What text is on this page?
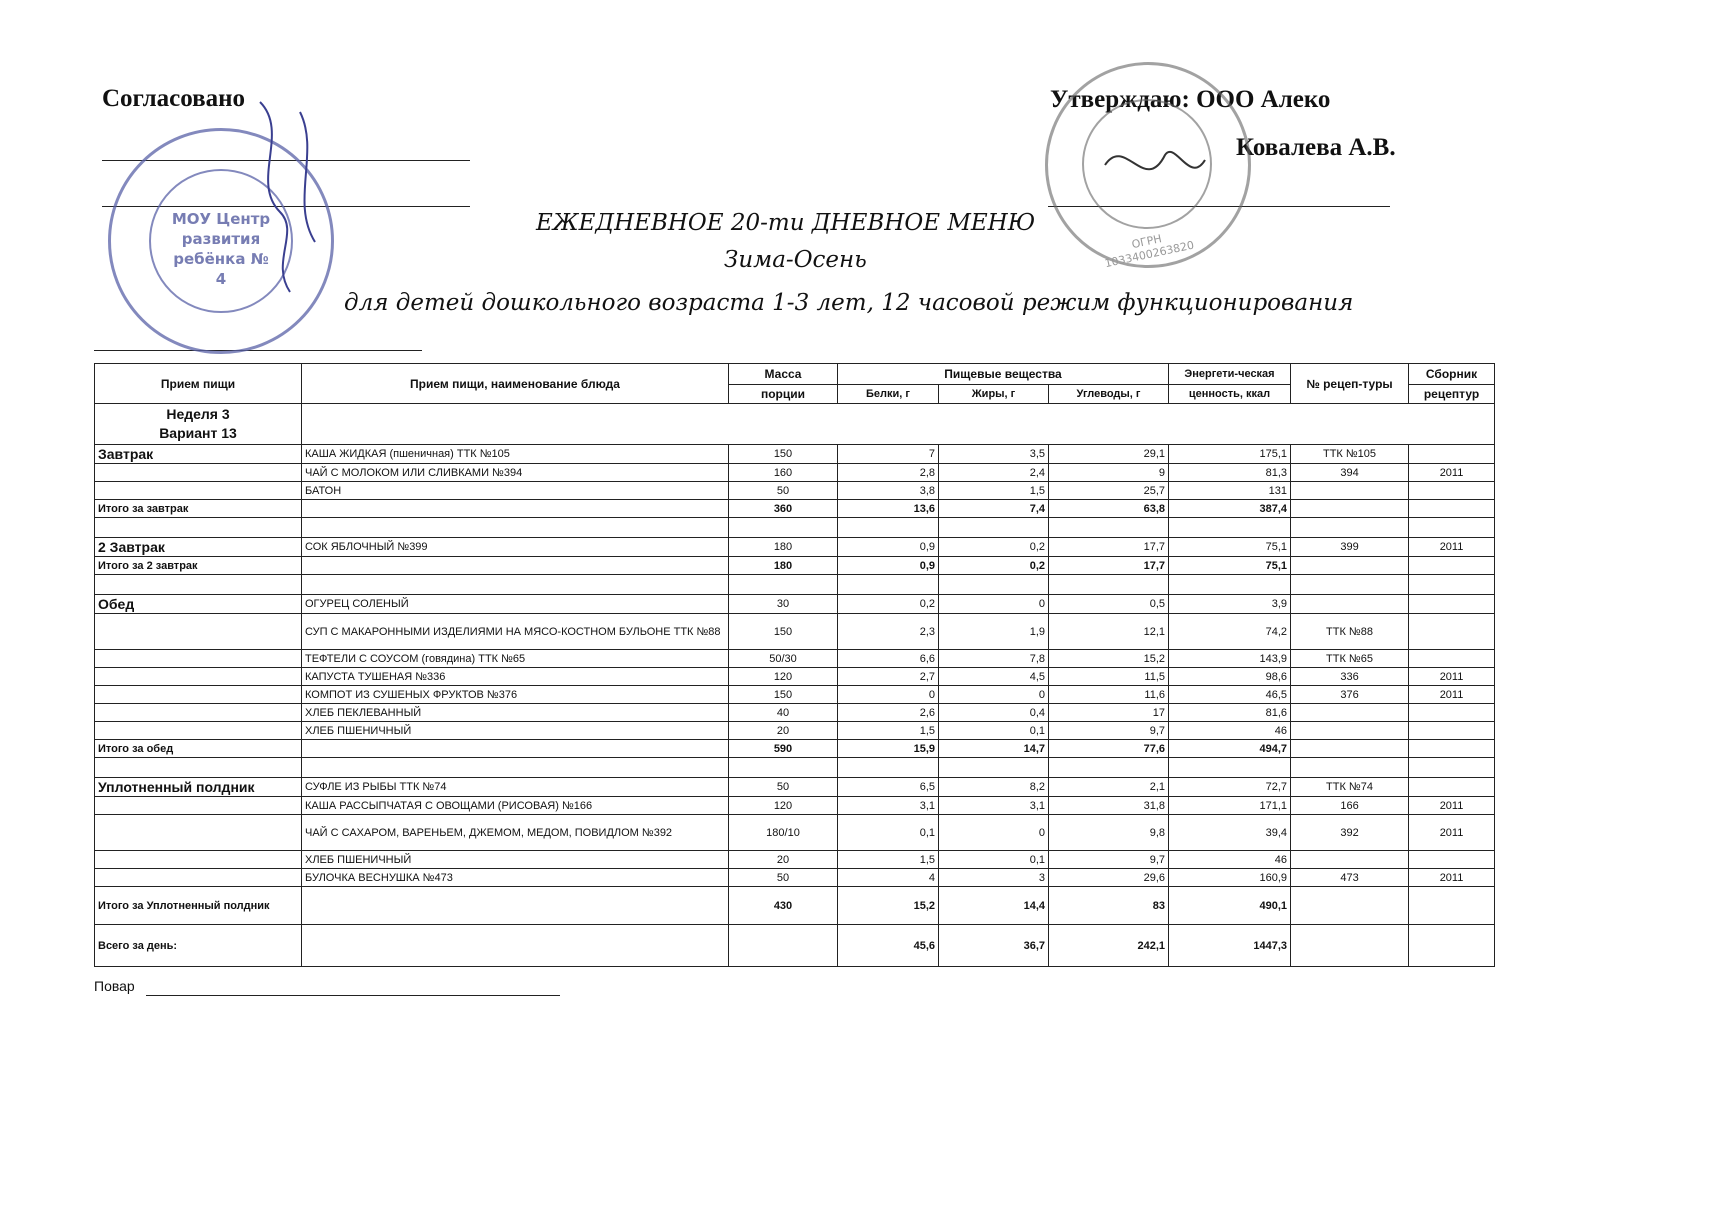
Согласовано
МОУ Центр развития ребёнка № 4
Утверждаю: ООО Алеко
Ковалева А.В.
ОГРН 1033400263820
ЕЖЕДНЕВНОЕ 20-ти ДНЕВНОЕ МЕНЮ
Зима-Осень
для детей дошкольного возраста 1-3 лет, 12 часовой режим функционирования
Прием пищи	Прием пищи, наименование блюда	Масса	Пищевые вещества			Энергети-ческая	№ рецеп-туры	Сборник
		порции	Белки, г	Жиры, г	Углеводы, г	ценность, ккал		рецептур

Неделя 3
Вариант 13								

Завтрак	КАША ЖИДКАЯ (пшеничная) ТТК №105	150	7	3,5	29,1	175,1	ТТК №105	
	ЧАЙ С МОЛОКОМ ИЛИ СЛИВКАМИ №394	160	2,8	2,4	9	81,3	394	2011
	БАТОН	50	3,8	1,5	25,7	131		
Итого за завтрак		360	13,6	7,4	63,8	387,4		

2 Завтрак	СОК ЯБЛОЧНЫЙ №399	180	0,9	0,2	17,7	75,1	399	2011
Итого за 2 завтрак		180	0,9	0,2	17,7	75,1		

Обед	ОГУРЕЦ СОЛЕНЫЙ	30	0,2	0	0,5	3,9		
	СУП С МАКАРОННЫМИ ИЗДЕЛИЯМИ НА МЯСО-КОСТНОМ БУЛЬОНЕ ТТК №88	150	2,3	1,9	12,1	74,2	ТТК №88	
	ТЕФТЕЛИ С СОУСОМ (говядина) ТТК №65	50/30	6,6	7,8	15,2	143,9	ТТК №65	
	КАПУСТА ТУШЕНАЯ №336	120	2,7	4,5	11,5	98,6	336	2011
	КОМПОТ ИЗ СУШЕНЫХ ФРУКТОВ №376	150	0	0	11,6	46,5	376	2011
	ХЛЕБ ПЕКЛЕВАННЫЙ	40	2,6	0,4	17	81,6		
	ХЛЕБ ПШЕНИЧНЫЙ	20	1,5	0,1	9,7	46		
Итого за обед		590	15,9	14,7	77,6	494,7		

Уплотненный полдник	СУФЛЕ ИЗ РЫБЫ ТТК №74	50	6,5	8,2	2,1	72,7	ТТК №74	
	КАША РАССЫПЧАТАЯ С ОВОЩАМИ (РИСОВАЯ) №166	120	3,1	3,1	31,8	171,1	166	2011
	ЧАЙ С САХАРОМ, ВАРЕНЬЕМ, ДЖЕМОМ, МЕДОМ, ПОВИДЛОМ №392	180/10	0,1	0	9,8	39,4	392	2011
	ХЛЕБ ПШЕНИЧНЫЙ	20	1,5	0,1	9,7	46		
	БУЛОЧКА ВЕСНУШКА №473	50	4	3	29,6	160,9	473	2011
Итого за Уплотненный полдник		430	15,2	14,4	83	490,1		
Всего за день:			45,6	36,7	242,1	1447,3		
Повар
